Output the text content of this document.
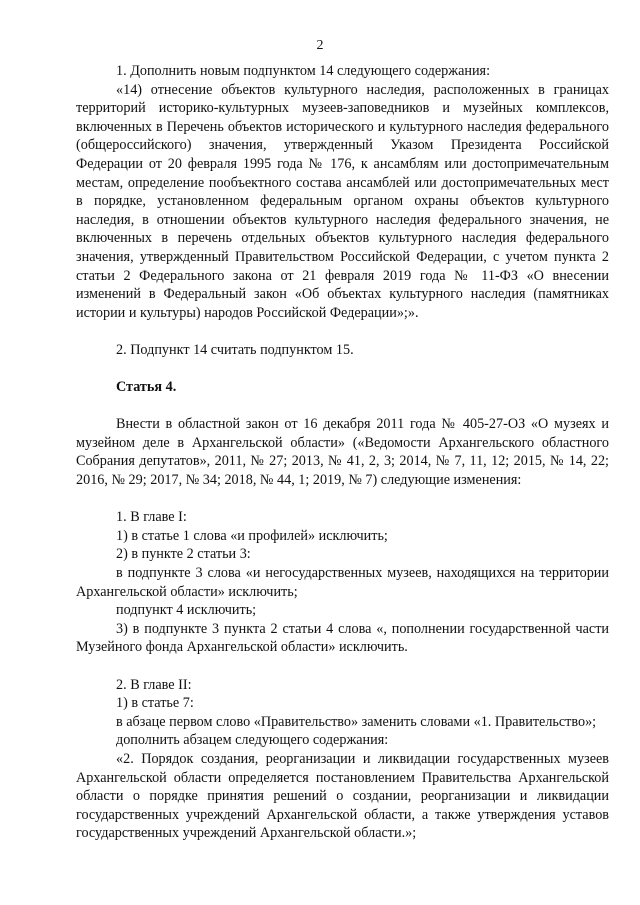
2

1. Дополнить новым подпунктом 14 следующего содержания:

«14) отнесение объектов культурного наследия, расположенных в границах территорий историко-культурных музеев-заповедников и музейных комплексов, включенных в Перечень объектов исторического и культурного наследия федерального (общероссийского) значения, утвержденный Указом Президента Российской Федерации от 20 февраля 1995 года № 176, к ансамблям или достопримечательным местам, определение пообъектного состава ансамблей или достопримечательных мест в порядке, установленном федеральным органом охраны объектов культурного наследия, в отношении объектов культурного наследия федерального значения, не включенных в перечень отдельных объектов культурного наследия федерального значения, утвержденный Правительством Российской Федерации, с учетом пункта 2 статьи 2 Федерального закона от 21 февраля 2019 года № 11-ФЗ «О внесении изменений в Федеральный закон «Об объектах культурного наследия (памятниках истории и культуры) народов Российской Федерации»;».

2. Подпункт 14 считать подпунктом 15.

Статья 4.

Внести в областной закон от 16 декабря 2011 года № 405-27-ОЗ «О музеях и музейном деле в Архангельской области» («Ведомости Архангельского областного Собрания депутатов», 2011, № 27; 2013, № 41, 2, 3; 2014, № 7, 11, 12; 2015, № 14, 22; 2016, № 29; 2017, № 34; 2018, № 44, 1; 2019, № 7) следующие изменения:

1. В главе I:

1) в статье 1 слова «и профилей» исключить;

2) в пункте 2 статьи 3:

в подпункте 3 слова «и негосударственных музеев, находящихся на территории Архангельской области» исключить;

подпункт 4 исключить;

3) в подпункте 3 пункта 2 статьи 4 слова «, пополнении государственной части Музейного фонда Архангельской области» исключить.

2. В главе II:

1) в статье 7:

в абзаце первом слово «Правительство» заменить словами «1. Правительство»;

дополнить абзацем следующего содержания:

«2. Порядок создания, реорганизации и ликвидации государственных музеев Архангельской области определяется постановлением Правительства Архангельской области о порядке принятия решений о создании, реорганизации и ликвидации государственных учреждений Архангельской области, а также утверждения уставов государственных учреждений Архангельской области.»;
